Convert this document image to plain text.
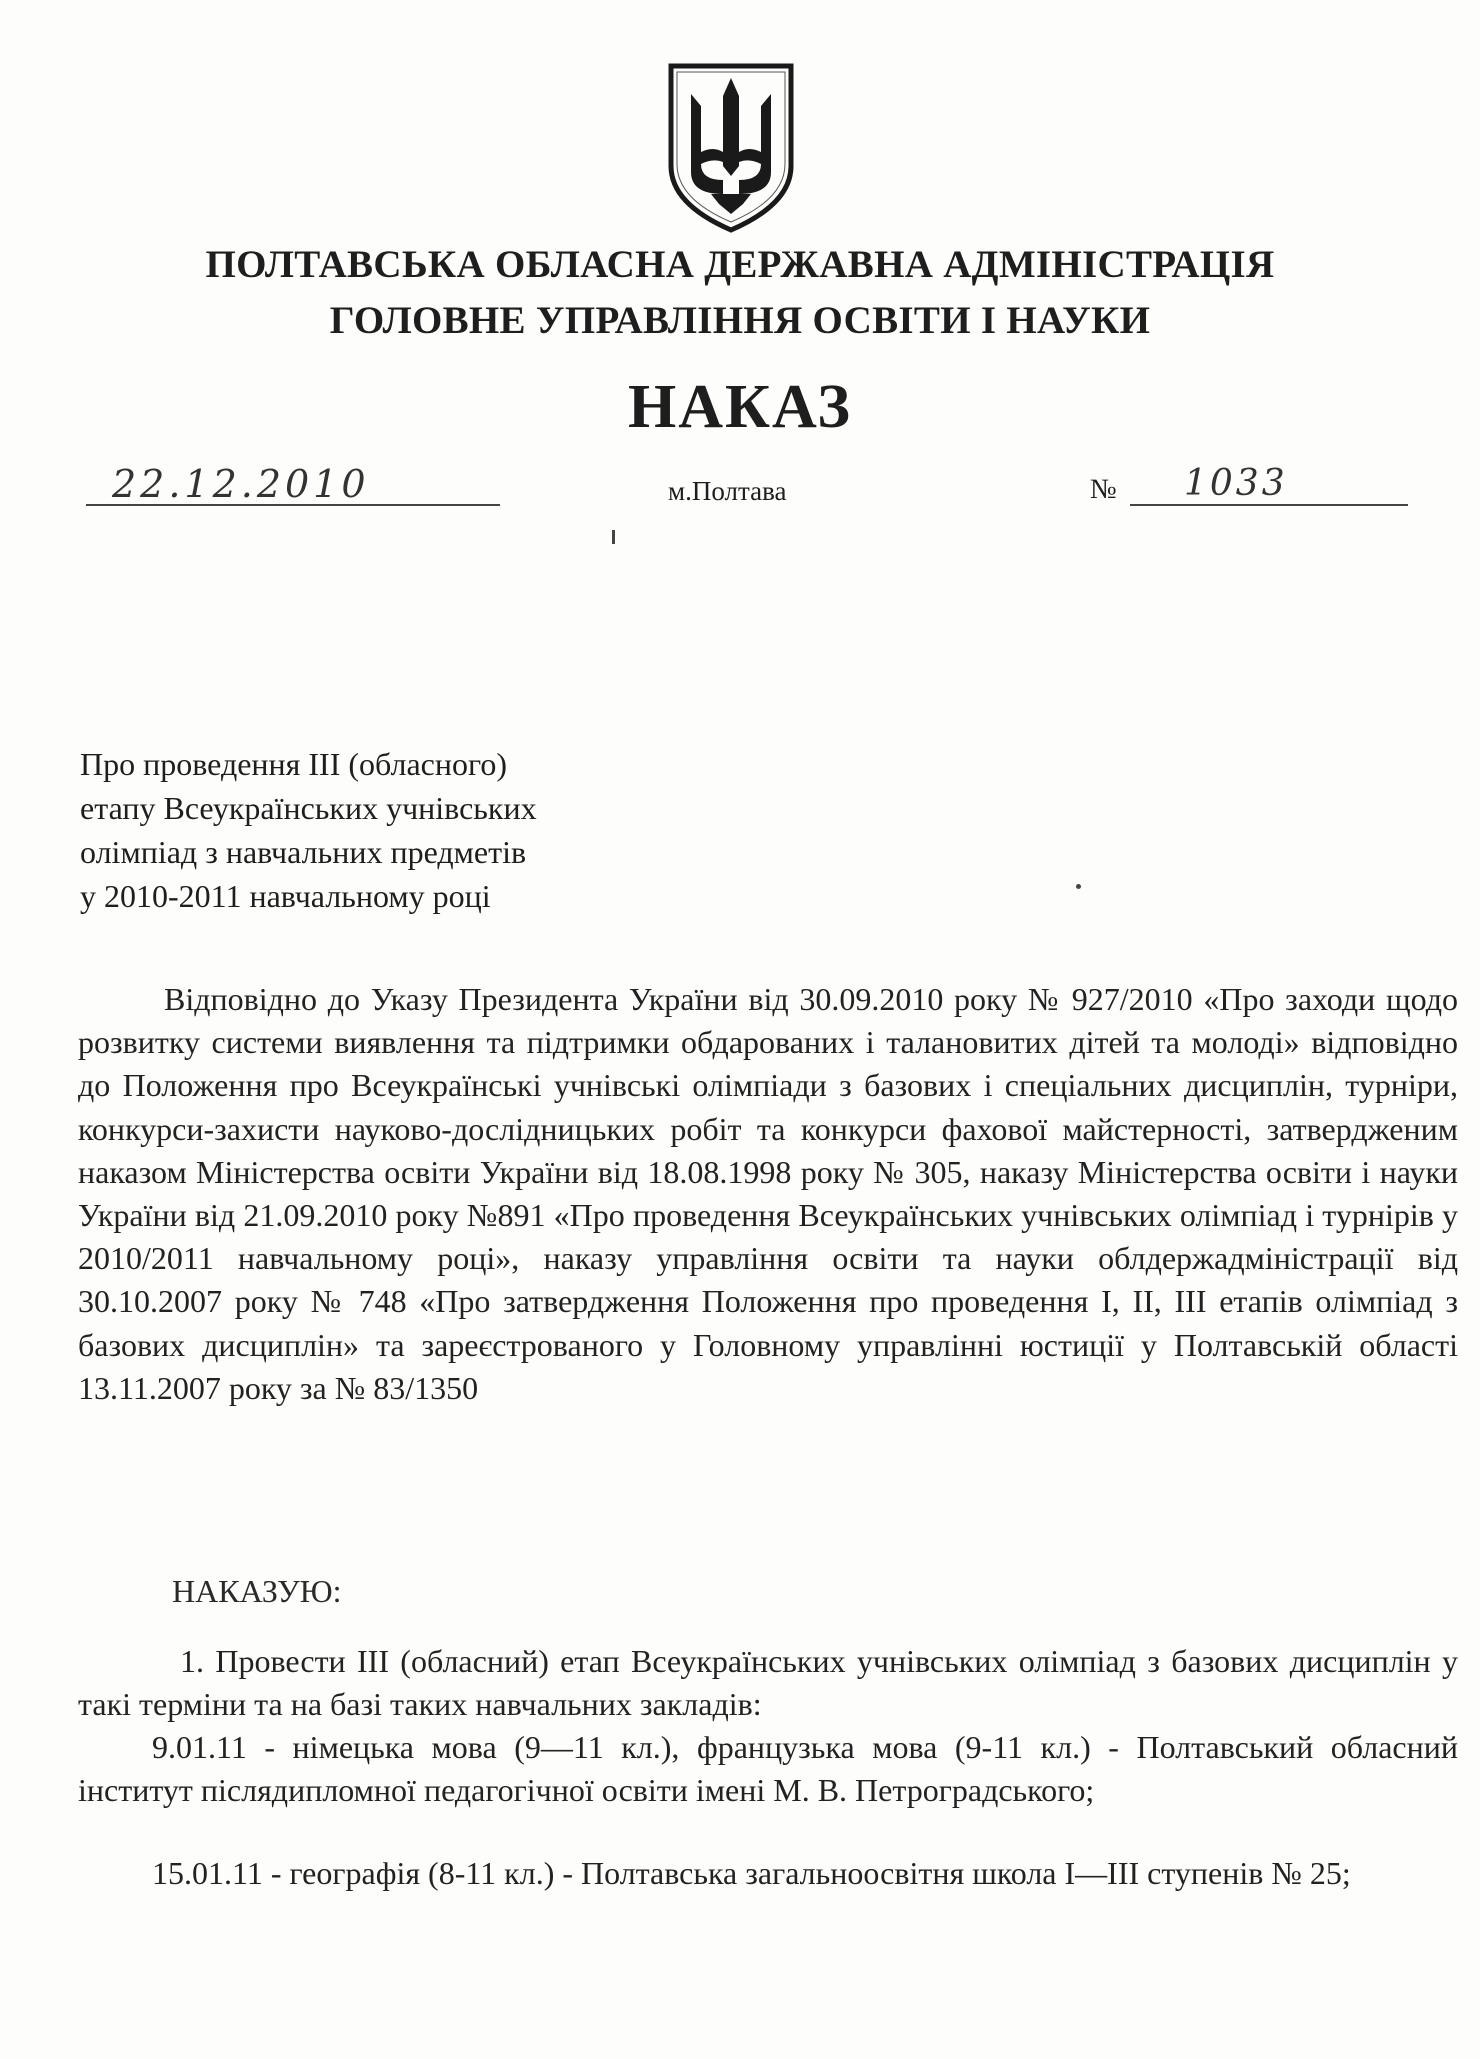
ПОЛТАВСЬКА ОБЛАСНА ДЕРЖАВНА АДМІНІСТРАЦІЯ
ГОЛОВНЕ УПРАВЛІННЯ ОСВІТИ І НАУКИ
НАКАЗ
22.12.2010	м.Полтава	№	1033
Про проведення ІІІ (обласного)
етапу Всеукраїнських учнівських
олімпіад з навчальних предметів
у 2010-2011 навчальному році
Відповідно до Указу Президента України від 30.09.2010 року № 927/2010 «Про заходи щодо розвитку системи виявлення та підтримки обдарованих і талановитих дітей та молоді» відповідно до Положення про Всеукраїнські учнівські олімпіади з базових і спеціальних дисциплін, турніри, конкурси-захисти науково-дослідницьких робіт та конкурси фахової майстерності, затвердженим наказом Міністерства освіти України від 18.08.1998 року № 305, наказу Міністерства освіти і науки України від 21.09.2010 року №891 «Про проведення Всеукраїнських учнівських олімпіад і турнірів у 2010/2011 навчальному році», наказу управління освіти та науки облдержадміністрації від 30.10.2007 року № 748 «Про затвердження Положення про проведення І, ІІ, ІІІ етапів олімпіад з базових дисциплін» та зареєстрованого у Головному управлінні юстиції у Полтавській області 13.11.2007 року за № 83/1350
НАКАЗУЮ:
1. Провести ІІІ (обласний) етап Всеукраїнських учнівських олімпіад з базових дисциплін у такі терміни та на базі таких навчальних закладів:
9.01.11 - німецька мова (9—11 кл.), французька мова (9-11 кл.) - Полтавський обласний інститут післядипломної педагогічної освіти імені М. В. Петроградського;
15.01.11 - географія (8-11 кл.) - Полтавська загальноосвітня школа І—ІІІ ступенів № 25;
